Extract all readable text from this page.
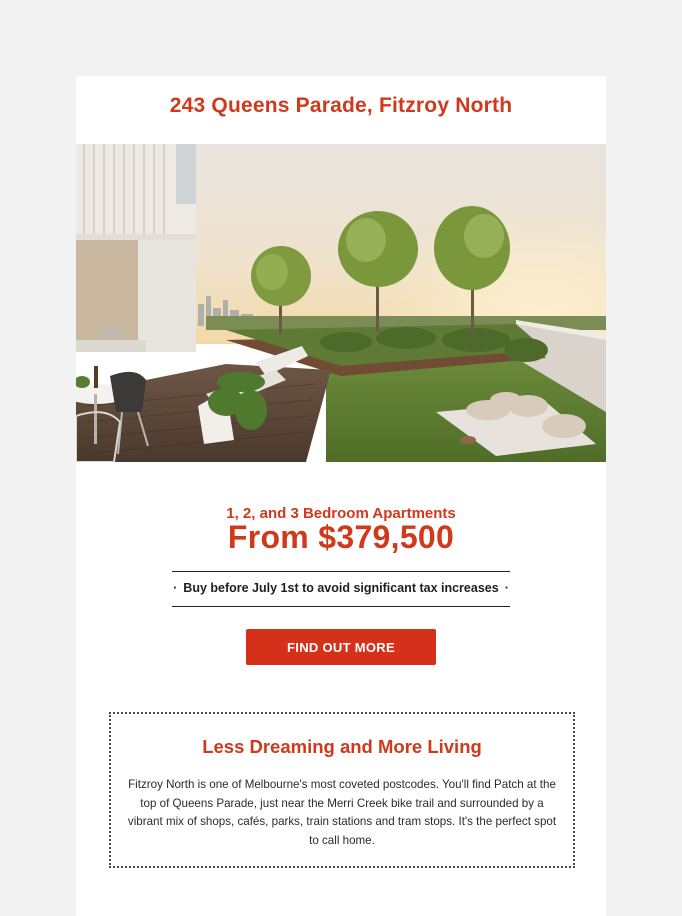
243 Queens Parade, Fitzroy North
1, 2, and 3 Bedroom Apartments
From $379,500
· Buy before July 1st to avoid significant tax increases ·
FIND OUT MORE
Less Dreaming and More Living
Fitzroy North is one of Melbourne's most coveted postcodes. You'll find Patch at the top of Queens Parade, just near the Merri Creek bike trail and surrounded by a vibrant mix of shops, cafés, parks, train stations and tram stops. It's the perfect spot to call home.
